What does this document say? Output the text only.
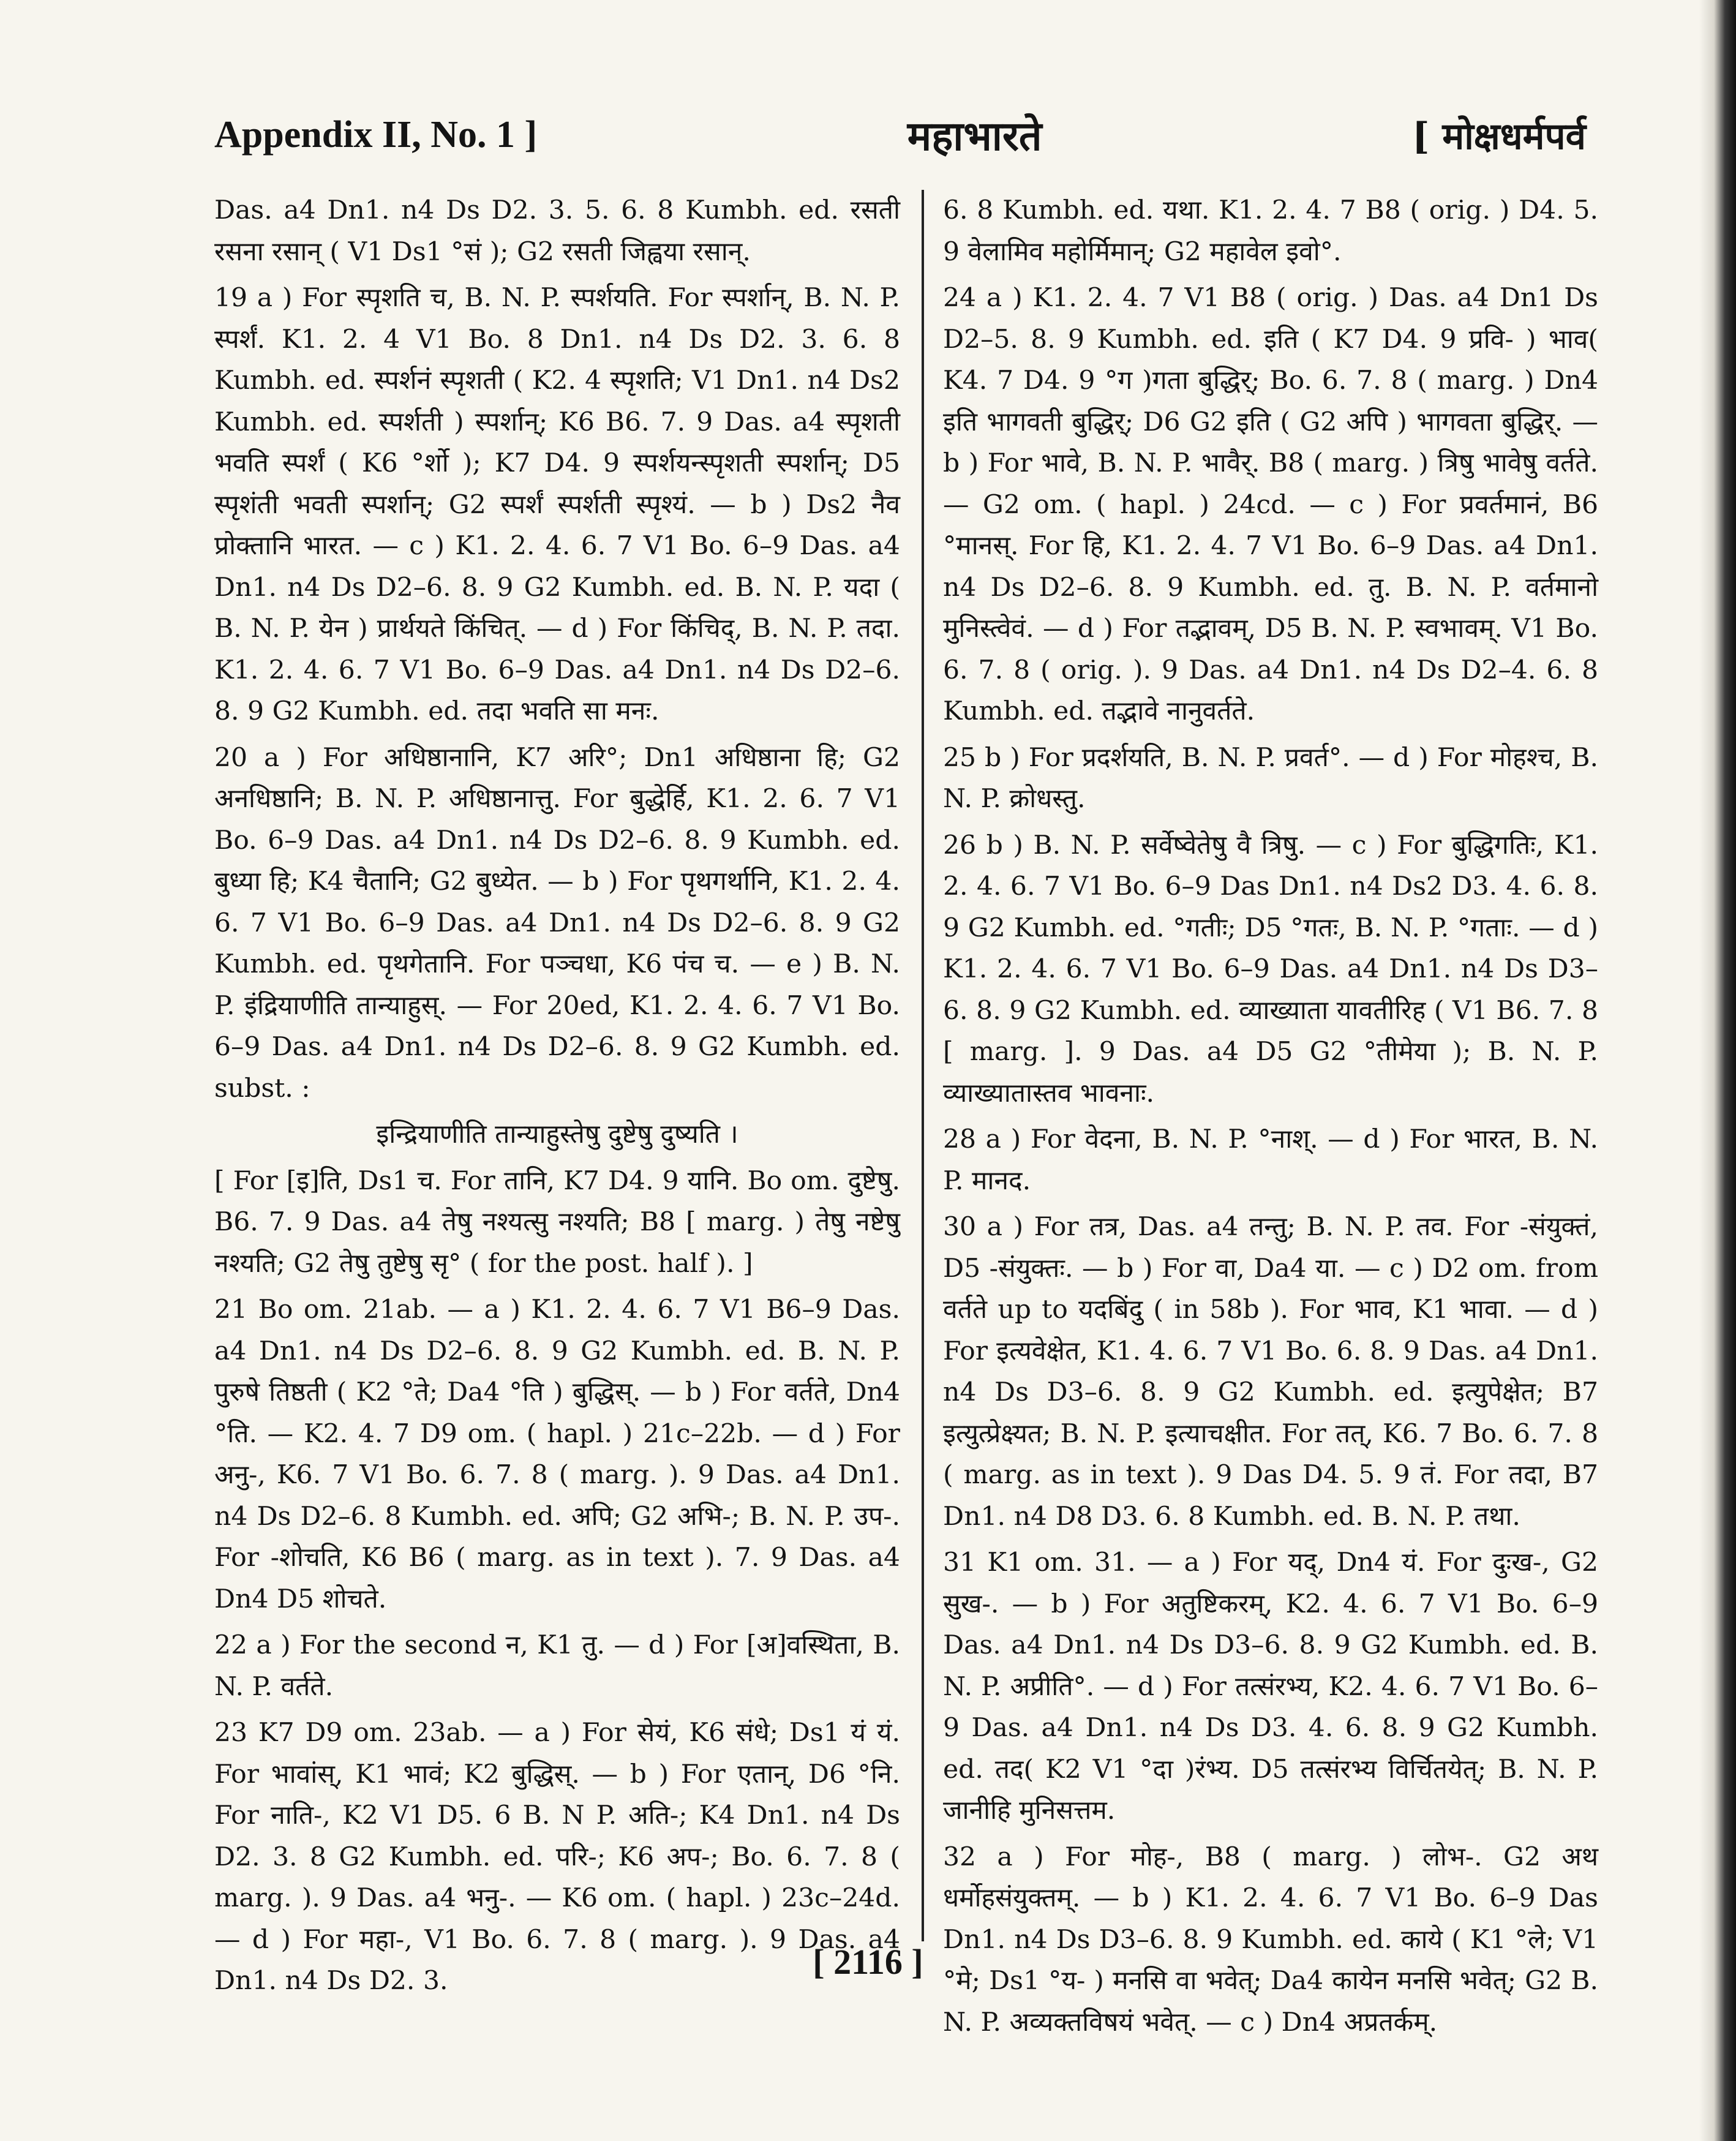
Appendix II, No. 1 ]	महाभारते	[ मोक्षधर्मपर्व

Das. a4 Dn1. n4 Ds D2. 3. 5. 6. 8 Kumbh. ed. रसती रसना रसान् ( V1 Ds1 °सं ); G2 रसती जिह्वया रसान्.

19 a ) For स्पृशति च, B. N. P. स्पर्शयति. For स्पर्शान्, B. N. P. स्पर्शं. K1. 2. 4 V1 Bo. 8 Dn1. n4 Ds D2. 3. 6. 8 Kumbh. ed. स्पर्शनं स्पृशती ( K2. 4 स्पृशति; V1 Dn1. n4 Ds2 Kumbh. ed. स्पर्शती ) स्पर्शान्; K6 B6. 7. 9 Das. a4 स्पृशती भवति स्पर्शं ( K6 °र्शो ); K7 D4. 9 स्पर्शयन्स्पृशती स्पर्शान्; D5 स्पृशंती भवती स्पर्शान्; G2 स्पर्शं स्पर्शती स्पृश्यं. — b ) Ds2 नैव प्रोक्तानि भारत. — c ) K1. 2. 4. 6. 7 V1 Bo. 6–9 Das. a4 Dn1. n4 Ds D2–6. 8. 9 G2 Kumbh. ed. B. N. P. यदा ( B. N. P. येन ) प्रार्थयते किंचित्. — d ) For किंचिद्, B. N. P. तदा. K1. 2. 4. 6. 7 V1 Bo. 6–9 Das. a4 Dn1. n4 Ds D2–6. 8. 9 G2 Kumbh. ed. तदा भवति सा मनः.

20 a ) For अधिष्ठानानि, K7 अरि°; Dn1 अधिष्ठाना हि; G2 अनधिष्ठानि; B. N. P. अधिष्ठानात्तु. For बुद्धेर्हि, K1. 2. 6. 7 V1 Bo. 6–9 Das. a4 Dn1. n4 Ds D2–6. 8. 9 Kumbh. ed. बुध्या हि; K4 चैतानि; G2 बुध्येत. — b ) For पृथगर्थानि, K1. 2. 4. 6. 7 V1 Bo. 6–9 Das. a4 Dn1. n4 Ds D2–6. 8. 9 G2 Kumbh. ed. पृथगेतानि. For पञ्चधा, K6 पंच च. — e ) B. N. P. इंद्रियाणीति तान्याहुस्. — For 20ed, K1. 2. 4. 6. 7 V1 Bo. 6–9 Das. a4 Dn1. n4 Ds D2–6. 8. 9 G2 Kumbh. ed. subst. :

इन्द्रियाणीति तान्याहुस्तेषु दुष्टेषु दुष्यति ।

[ For [इ]ति, Ds1 च. For तानि, K7 D4. 9 यानि. Bo om. दुष्टेषु. B6. 7. 9 Das. a4 तेषु नश्यत्सु नश्यति; B8 [ marg. ) तेषु नष्टेषु नश्यति; G2 तेषु तुष्टेषु सृ° ( for the post. half ). ]

21 Bo om. 21ab. — a ) K1. 2. 4. 6. 7 V1 B6–9 Das. a4 Dn1. n4 Ds D2–6. 8. 9 G2 Kumbh. ed. B. N. P. पुरुषे तिष्ठती ( K2 °ते; Da4 °ति ) बुद्धिस्. — b ) For वर्तते, Dn4 °ति. — K2. 4. 7 D9 om. ( hapl. ) 21c–22b. — d ) For अनु-, K6. 7 V1 Bo. 6. 7. 8 ( marg. ). 9 Das. a4 Dn1. n4 Ds D2–6. 8 Kumbh. ed. अपि; G2 अभि-; B. N. P. उप-. For -शोचति, K6 B6 ( marg. as in text ). 7. 9 Das. a4 Dn4 D5 शोचते.

22 a ) For the second न, K1 तु. — d ) For [अ]वस्थिता, B. N. P. वर्तते.

23 K7 D9 om. 23ab. — a ) For सेयं, K6 संधे; Ds1 यं यं. For भावांस्, K1 भावं; K2 बुद्धिस्. — b ) For एतान्, D6 °नि. For नाति-, K2 V1 D5. 6 B. N P. अति-; K4 Dn1. n4 Ds D2. 3. 8 G2 Kumbh. ed. परि-; K6 अप-; Bo. 6. 7. 8 ( marg. ). 9 Das. a4 भनु-. — K6 om. ( hapl. ) 23c–24d. — d ) For महा-, V1 Bo. 6. 7. 8 ( marg. ). 9 Das. a4 Dn1. n4 Ds D2. 3.

6. 8 Kumbh. ed. यथा. K1. 2. 4. 7 B8 ( orig. ) D4. 5. 9 वेलामिव महोर्मिमान्; G2 महावेल इवो°.

24 a ) K1. 2. 4. 7 V1 B8 ( orig. ) Das. a4 Dn1 Ds D2–5. 8. 9 Kumbh. ed. इति ( K7 D4. 9 प्रवि- ) भाव( K4. 7 D4. 9 °ग )गता बुद्धिर्; Bo. 6. 7. 8 ( marg. ) Dn4 इति भागवती बुद्धिर्; D6 G2 इति ( G2 अपि ) भागवता बुद्धिर्. — b ) For भावे, B. N. P. भावैर्. B8 ( marg. ) त्रिषु भावेषु वर्तते. — G2 om. ( hapl. ) 24cd. — c ) For प्रवर्तमानं, B6 °मानस्. For हि, K1. 2. 4. 7 V1 Bo. 6–9 Das. a4 Dn1. n4 Ds D2–6. 8. 9 Kumbh. ed. तु. B. N. P. वर्तमानो मुनिस्त्वेवं. — d ) For तद्भावम्, D5 B. N. P. स्वभावम्. V1 Bo. 6. 7. 8 ( orig. ). 9 Das. a4 Dn1. n4 Ds D2–4. 6. 8 Kumbh. ed. तद्भावे नानुवर्तते.

25 b ) For प्रदर्शयति, B. N. P. प्रवर्त°. — d ) For मोहश्च, B. N. P. क्रोधस्तु.

26 b ) B. N. P. सर्वेष्वेतेषु वै त्रिषु. — c ) For बुद्धिगतिः, K1. 2. 4. 6. 7 V1 Bo. 6–9 Das Dn1. n4 Ds2 D3. 4. 6. 8. 9 G2 Kumbh. ed. °गतीः; D5 °गतः, B. N. P. °गताः. — d ) K1. 2. 4. 6. 7 V1 Bo. 6–9 Das. a4 Dn1. n4 Ds D3–6. 8. 9 G2 Kumbh. ed. व्याख्याता यावतीरिह ( V1 B6. 7. 8 [ marg. ]. 9 Das. a4 D5 G2 °तीमेया ); B. N. P. व्याख्यातास्तव भावनाः.

28 a ) For वेदना, B. N. P. °नाश्. — d ) For भारत, B. N. P. मानद.

30 a ) For तत्र, Das. a4 तन्तु; B. N. P. तव. For -संयुक्तं, D5 -संयुक्तः. — b ) For वा, Da4 या. — c ) D2 om. from वर्तते up to यदबिंदु ( in 58b ). For भाव, K1 भावा. — d ) For इत्यवेक्षेत, K1. 4. 6. 7 V1 Bo. 6. 8. 9 Das. a4 Dn1. n4 Ds D3–6. 8. 9 G2 Kumbh. ed. इत्युपेक्षेत; B7 इत्युत्प्रेक्ष्यत; B. N. P. इत्याचक्षीत. For तत्, K6. 7 Bo. 6. 7. 8 ( marg. as in text ). 9 Das D4. 5. 9 तं. For तदा, B7 Dn1. n4 D8 D3. 6. 8 Kumbh. ed. B. N. P. तथा.

31 K1 om. 31. — a ) For यद्, Dn4 यं. For दुःख-, G2 सुख-. — b ) For अतुष्टिकरम्, K2. 4. 6. 7 V1 Bo. 6–9 Das. a4 Dn1. n4 Ds D3–6. 8. 9 G2 Kumbh. ed. B. N. P. अप्रीति°. — d ) For तत्संरभ्य, K2. 4. 6. 7 V1 Bo. 6–9 Das. a4 Dn1. n4 Ds D3. 4. 6. 8. 9 G2 Kumbh. ed. तद( K2 V1 °दा )रंभ्य. D5 तत्संरभ्य विर्चितयेत्; B. N. P. जानीहि मुनिसत्तम.

32 a ) For मोह-, B8 ( marg. ) लोभ-. G2 अथ धर्मोहसंयुक्तम्. — b ) K1. 2. 4. 6. 7 V1 Bo. 6–9 Das Dn1. n4 Ds D3–6. 8. 9 Kumbh. ed. काये ( K1 °ले; V1 °मे; Ds1 °य- ) मनसि वा भवेत्; Da4 कायेन मनसि भवेत्; G2 B. N. P. अव्यक्तविषयं भवेत्. — c ) Dn4 अप्रतर्कम्.

[ 2116 ]
